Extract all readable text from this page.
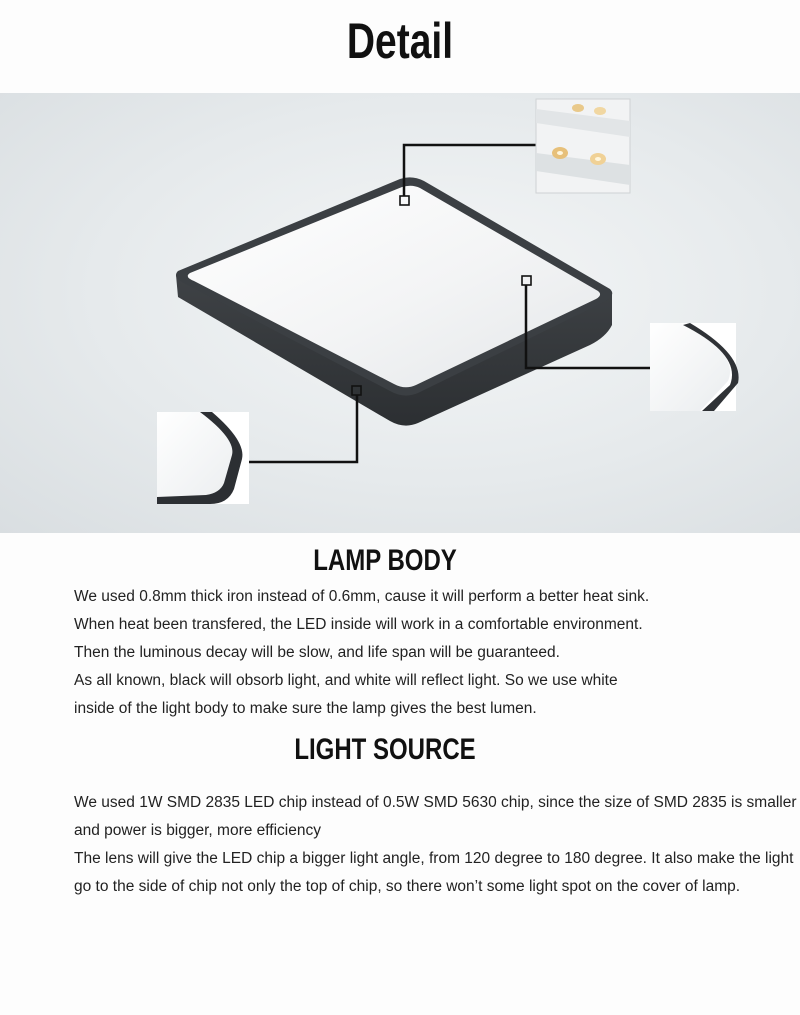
Detail
LAMP BODY

We used 0.8mm thick iron instead of 0.6mm, cause it will perform a better heat sink.

When heat been transfered, the LED inside will work in a comfortable environment.

Then the luminous decay will be slow, and life span will be guaranteed.

As all known, black will obsorb light, and white will reflect light. So we use white

inside of the light body to make sure the lamp gives the best lumen.

LIGHT SOURCE

We used 1W SMD 2835 LED chip instead of 0.5W SMD 5630 chip, since the size of SMD 2835 is smaller and power is bigger, more efficiency

The lens will give the LED chip a bigger light angle, from 120 degree to 180 degree. It also make the light go to the side of chip not only the top of chip, so there won’t some light spot on the cover of lamp.
